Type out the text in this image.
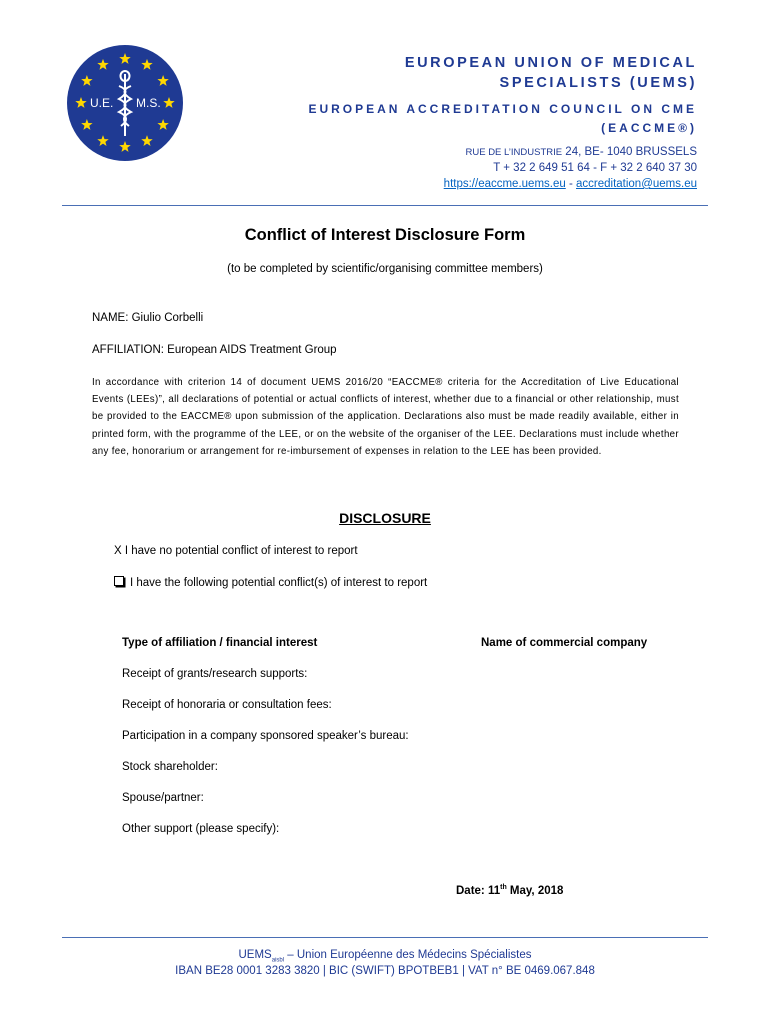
U.E. M.S.
EUROPEAN UNION OF MEDICAL
SPECIALISTS (UEMS)
EUROPEAN ACCREDITATION COUNCIL ON CME
(EACCME®)
RUE DE L’INDUSTRIE 24, BE- 1040 BRUSSELS
T + 32 2 649 51 64 - F + 32 2 640 37 30
https://eaccme.uems.eu - accreditation@uems.eu
Conflict of Interest Disclosure Form
(to be completed by scientific/organising committee members)
NAME: Giulio Corbelli
AFFILIATION: European AIDS Treatment Group
In accordance with criterion 14 of document UEMS 2016/20 “EACCME® criteria for the Accreditation of Live Educational Events (LEEs)”, all declarations of potential or actual conflicts of interest, whether due to a financial or other relationship, must be provided to the EACCME® upon submission of the application. Declarations also must be made readily available, either in printed form, with the programme of the LEE, or on the website of the organiser of the LEE. Declarations must include whether any fee, honorarium or arrangement for re-imbursement of expenses in relation to the LEE has been provided.
DISCLOSURE
X I have no potential conflict of interest to report
I have the following potential conflict(s) of interest to report
Type of affiliation / financial interest	Name of commercial company
Receipt of grants/research supports:
Receipt of honoraria or consultation fees:
Participation in a company sponsored speaker’s bureau:
Stock shareholder:
Spouse/partner:
Other support (please specify):
Date: 11th May, 2018
$UEMS_{aisbl}$ – Union Européenne des Médecins Spécialistes
IBAN BE28 0001 3283 3820 | BIC (SWIFT) BPOTBEB1 | VAT n° BE 0469.067.848
